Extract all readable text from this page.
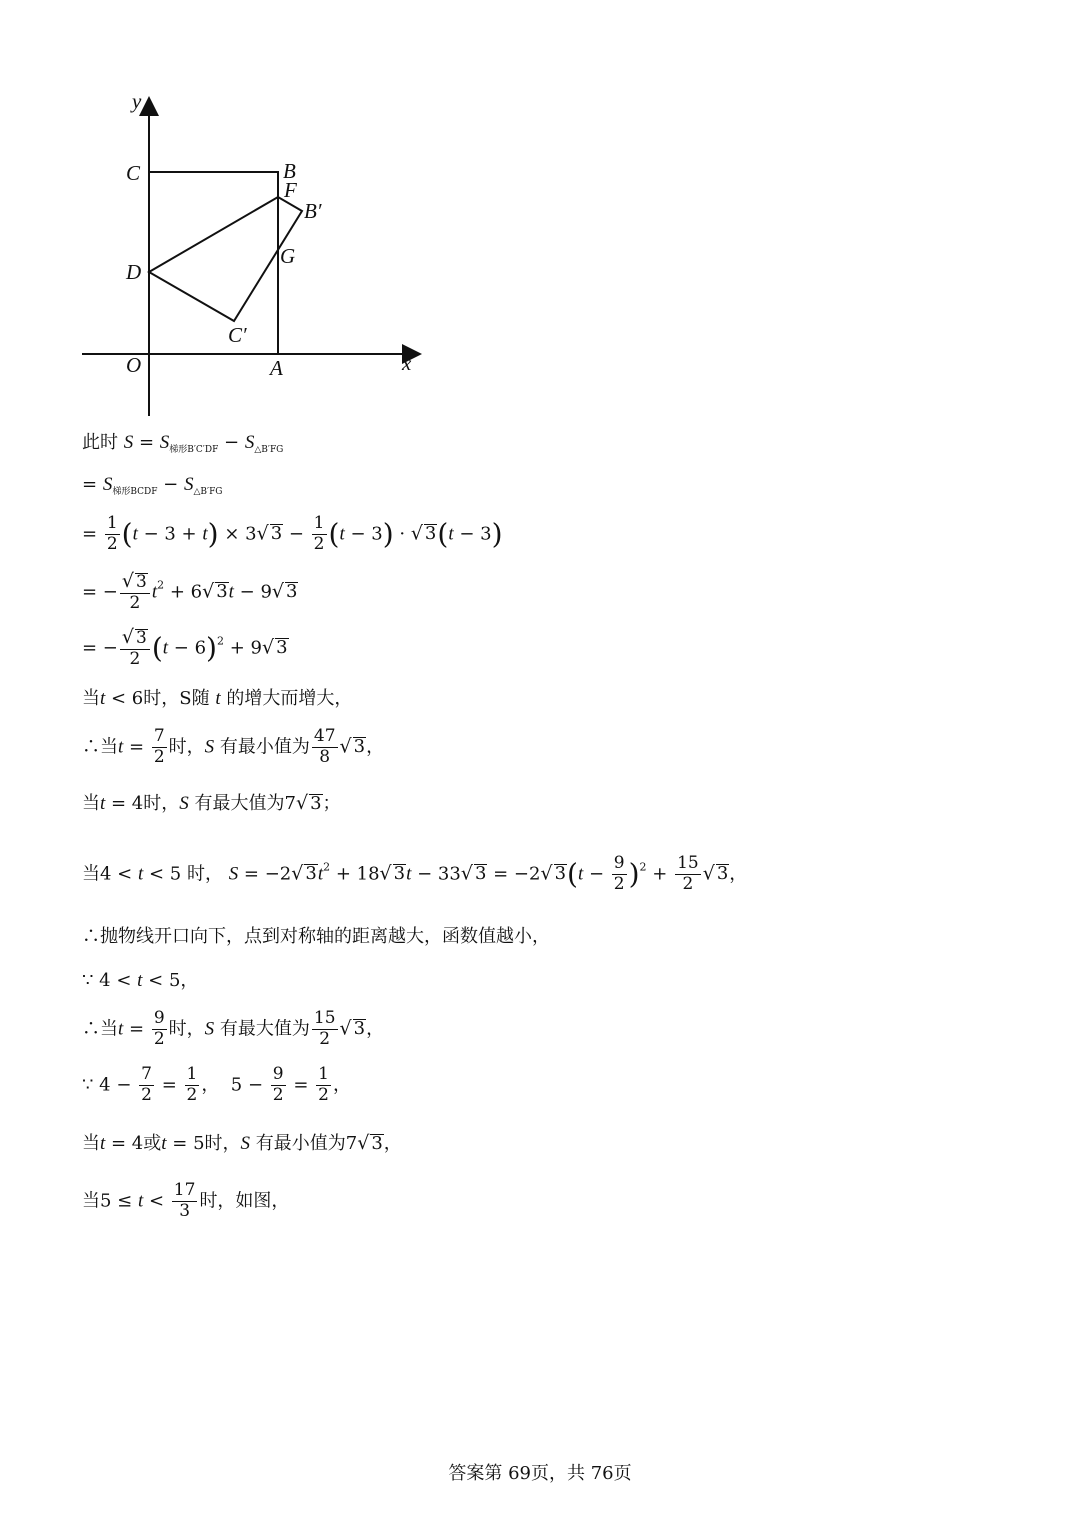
y
x
C	B
F
B′
G
D
C′
O	A
此时 $S = S_{梯形B'C'DF} - S_{\triangle B'FG}$
= $S_{梯形BCDF} - S_{\triangle B'FG}$
= $\frac{1}{2} (t - 3 + t) \times 3√$ $3 - \frac{1}{2} (t - 3)$ · √ 3(t − 3)
= − $\frac{√ 3}{2} t^2 + 6√$ 3t − 9√ 3
= − $\frac{√ 3}{2} (t - 6)^2 + 9√$ 3
当t < 6时，S随 t 的增大而增大，
∴当$t = \frac{7}{2}$ 时，S 有最小值为 $\frac{47}{8}$ √ 3，
当t = 4时，S 有最大值为7√ 3；
当4 < t < 5 时， S = −2√ $3t^2 + 18√$ 3t − 33√ 3 = −2√ $3(t - \frac{9}{2} )^2 + \frac{15}{2}$ √ 3，
∴抛物线开口向下，点到对称轴的距离越大，函数值越小，
∵ 4 < t < 5，
∴当$t = \frac{9}{2}$ 时，S 有最大值为 $\frac{15}{2}$ √ 3，
∵ $4 - \frac{7}{2} = \frac{1}{2}$ ，  $5 - \frac{9}{2} = \frac{1}{2}$ ，
当t = 4或t = 5时，S 有最小值为7√ 3，
当$5 \le t < \frac{17}{3}$ 时，如图，
答案第 69页，共 76页
